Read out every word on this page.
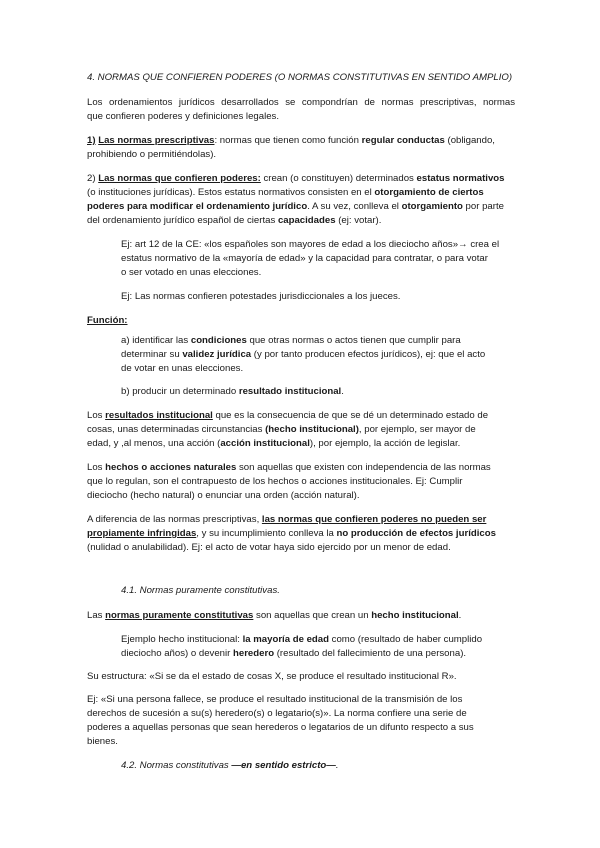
4. NORMAS QUE CONFIEREN PODERES (O NORMAS CONSTITUTIVAS EN SENTIDO AMPLIO)

Los ordenamientos jurídicos desarrollados se compondrían de normas prescriptivas, normas

que confieren poderes y definiciones legales.

1) Las normas prescriptivas: normas que tienen como función regular conductas (obligando,

prohibiendo o permitiéndolas).

2) Las normas que confieren poderes: crean (o constituyen) determinados estatus normativos

(o instituciones jurídicas). Estos estatus normativos consisten en el otorgamiento de ciertos

poderes para modificar el ordenamiento jurídico. A su vez, conlleva el otorgamiento por parte

del ordenamiento jurídico español de ciertas capacidades (ej: votar).

Ej: art 12 de la CE: «los españoles son mayores de edad a los dieciocho años»→ crea el

estatus normativo de la «mayoría de edad» y la capacidad para contratar, o para votar

o ser votado en unas elecciones.

Ej: Las normas confieren potestades jurisdiccionales a los jueces.

Función:

a) identificar las condiciones que otras normas o actos tienen que cumplir para

determinar su validez jurídica (y por tanto producen efectos jurídicos), ej: que el acto

de votar en unas elecciones.

b) producir un determinado resultado institucional.

Los resultados institucional que es la consecuencia de que se dé un determinado estado de

cosas, unas determinadas circunstancias (hecho institucional), por ejemplo, ser mayor de

edad, y ,al menos, una acción (acción institucional), por ejemplo, la acción de legislar.

Los hechos o acciones naturales son aquellas que existen con independencia de las normas

que lo regulan, son el contrapuesto de los hechos o acciones institucionales. Ej: Cumplir

dieciocho (hecho natural) o enunciar una orden (acción natural).

A diferencia de las normas prescriptivas, las normas que confieren poderes no pueden ser

propiamente infringidas, y su incumplimiento conlleva la no producción de efectos jurídicos

(nulidad o anulabilidad). Ej: el acto de votar haya sido ejercido por un menor de edad.

4.1. Normas puramente constitutivas.

Las normas puramente constitutivas son aquellas que crean un hecho institucional.

Ejemplo hecho institucional: la mayoría de edad como (resultado de haber cumplido

dieciocho años) o devenir heredero (resultado del fallecimiento de una persona).

Su estructura: «Si se da el estado de cosas X, se produce el resultado institucional R».

Ej: «Si una persona fallece, se produce el resultado institucional de la transmisión de los

derechos de sucesión a su(s) heredero(s) o legatario(s)». La norma confiere una serie de

poderes a aquellas personas que sean herederos o legatarios de un difunto respecto a sus

bienes.

4.2. Normas constitutivas —en sentido estricto—.
